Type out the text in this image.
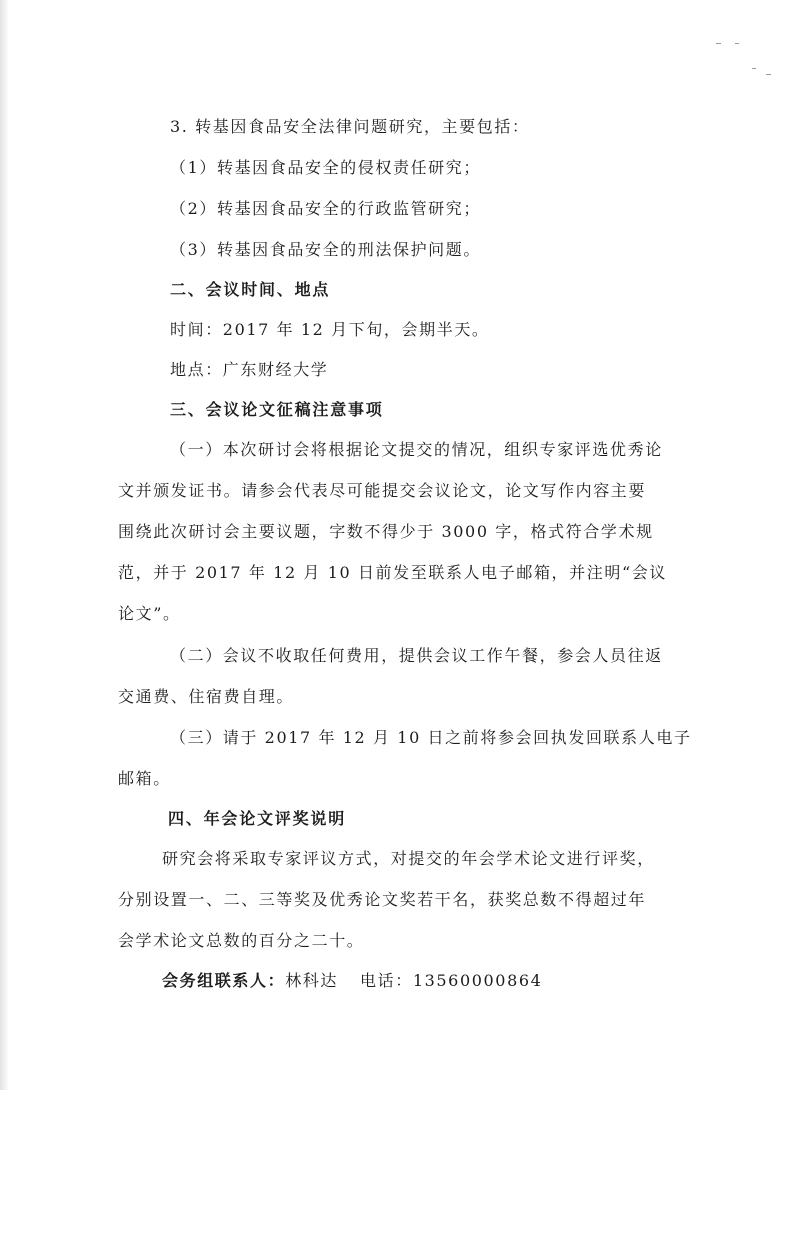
3. 转基因食品安全法律问题研究，主要包括：
（1）转基因食品安全的侵权责任研究；
（2）转基因食品安全的行政监管研究；
（3）转基因食品安全的刑法保护问题。
二、会议时间、地点
时间：2017 年 12 月下旬，会期半天。
地点：广东财经大学
三、会议论文征稿注意事项
（一）本次研讨会将根据论文提交的情况，组织专家评选优秀论
文并颁发证书。请参会代表尽可能提交会议论文，论文写作内容主要
围绕此次研讨会主要议题，字数不得少于 3000 字，格式符合学术规
范，并于 2017 年 12 月 10 日前发至联系人电子邮箱，并注明“会议
论文”。
（二）会议不收取任何费用，提供会议工作午餐，参会人员往返
交通费、住宿费自理。
（三）请于 2017 年 12 月 10 日之前将参会回执发回联系人电子
邮箱。
四、年会论文评奖说明
研究会将采取专家评议方式，对提交的年会学术论文进行评奖，
分别设置一、二、三等奖及优秀论文奖若干名，获奖总数不得超过年
会学术论文总数的百分之二十。
会务组联系人：林科达 电话：13560000864
